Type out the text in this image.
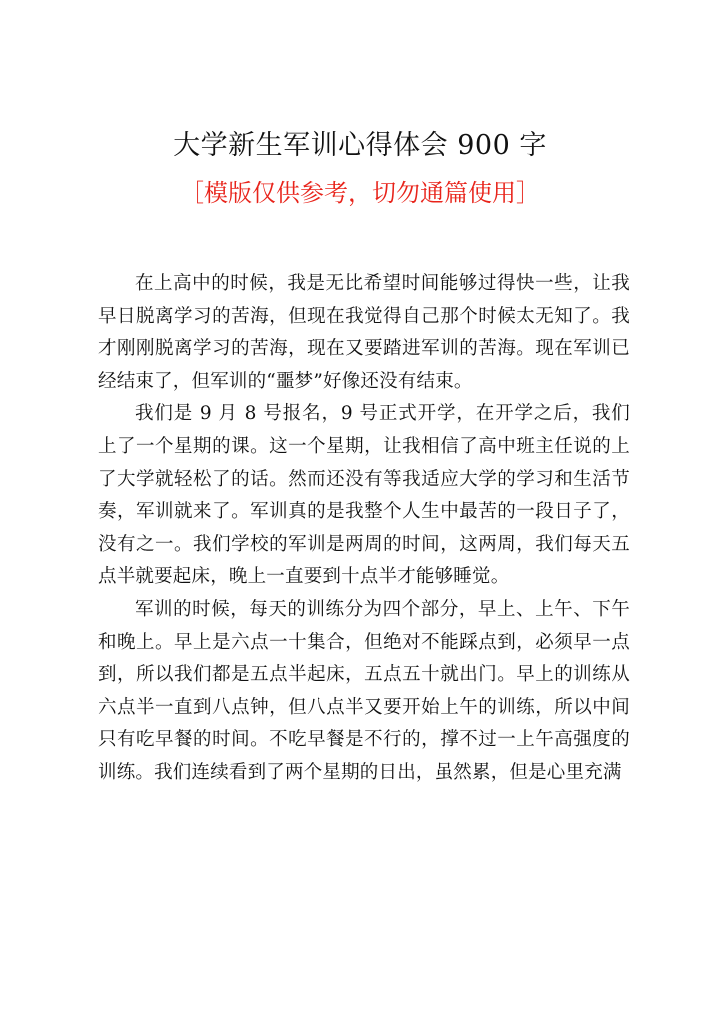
大学新生军训心得体会 900 字
［模版仅供参考，切勿通篇使用］

在上高中的时候，我是无比希望时间能够过得快一些，让我早日脱离学习的苦海，但现在我觉得自己那个时候太无知了。我才刚刚脱离学习的苦海，现在又要踏进军训的苦海。现在军训已经结束了，但军训的“噩梦”好像还没有结束。

我们是 9 月 8 号报名，9 号正式开学，在开学之后，我们上了一个星期的课。这一个星期，让我相信了高中班主任说的上了大学就轻松了的话。然而还没有等我适应大学的学习和生活节奏，军训就来了。军训真的是我整个人生中最苦的一段日子了，没有之一。我们学校的军训是两周的时间，这两周，我们每天五点半就要起床，晚上一直要到十点半才能够睡觉。

军训的时候，每天的训练分为四个部分，早上、上午、下午和晚上。早上是六点一十集合，但绝对不能踩点到，必须早一点到，所以我们都是五点半起床，五点五十就出门。早上的训练从六点半一直到八点钟，但八点半又要开始上午的训练，所以中间只有吃早餐的时间。不吃早餐是不行的，撑不过一上午高强度的训练。我们连续看到了两个星期的日出，虽然累，但是心里充满
